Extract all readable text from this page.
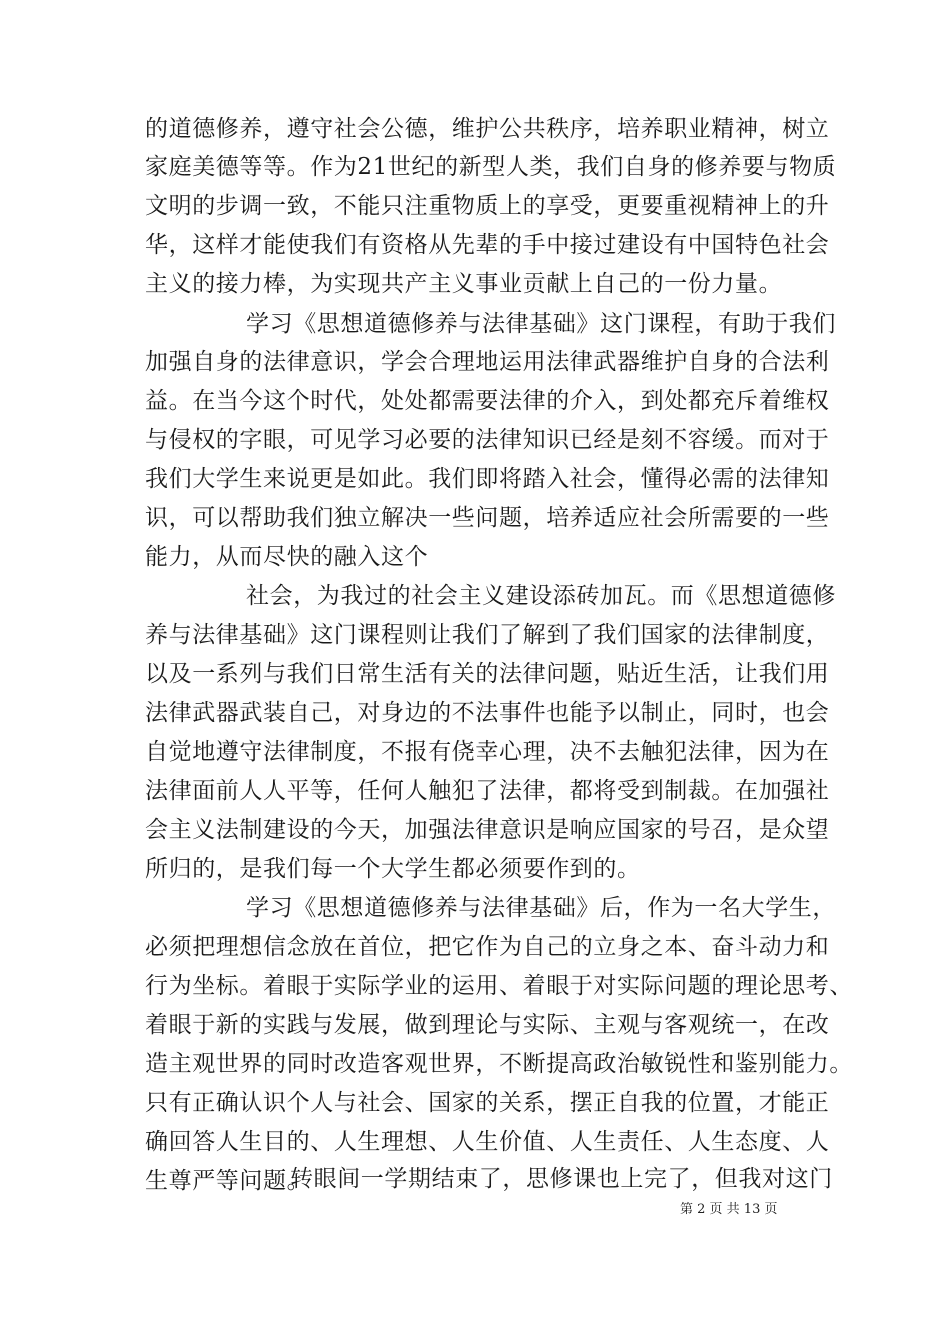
的道德修养，遵守社会公德，维护公共秩序，培养职业精神，树立
家庭美德等等。作为21世纪的新型人类，我们自身的修养要与物质
文明的步调一致，不能只注重物质上的享受，更要重视精神上的升
华，这样才能使我们有资格从先辈的手中接过建设有中国特色社会
主义的接力棒，为实现共产主义事业贡献上自己的一份力量。
学习《思想道德修养与法律基础》这门课程，有助于我们
加强自身的法律意识，学会合理地运用法律武器维护自身的合法利
益。在当今这个时代，处处都需要法律的介入，到处都充斥着维权
与侵权的字眼，可见学习必要的法律知识已经是刻不容缓。而对于
我们大学生来说更是如此。我们即将踏入社会，懂得必需的法律知
识，可以帮助我们独立解决一些问题，培养适应社会所需要的一些
能力，从而尽快的融入这个
社会，为我过的社会主义建设添砖加瓦。而《思想道德修
养与法律基础》这门课程则让我们了解到了我们国家的法律制度，
以及一系列与我们日常生活有关的法律问题，贴近生活，让我们用
法律武器武装自己，对身边的不法事件也能予以制止，同时，也会
自觉地遵守法律制度，不报有侥幸心理，决不去触犯法律，因为在
法律面前人人平等，任何人触犯了法律，都将受到制裁。在加强社
会主义法制建设的今天，加强法律意识是响应国家的号召，是众望
所归的，是我们每一个大学生都必须要作到的。
学习《思想道德修养与法律基础》后，作为一名大学生，
必须把理想信念放在首位，把它作为自己的立身之本、奋斗动力和
行为坐标。着眼于实际学业的运用、着眼于对实际问题的理论思考、
着眼于新的实践与发展，做到理论与实际、主观与客观统一，在改
造主观世界的同时改造客观世界，不断提高政治敏锐性和鉴别能力。
只有正确认识个人与社会、国家的关系，摆正自我的位置，才能正
确回答人生目的、人生理想、人生价值、人生责任、人生态度、人
生尊严等问题。
转眼间一学期结束了，思修课也上完了，但我对这门
第 2 页 共 13 页
